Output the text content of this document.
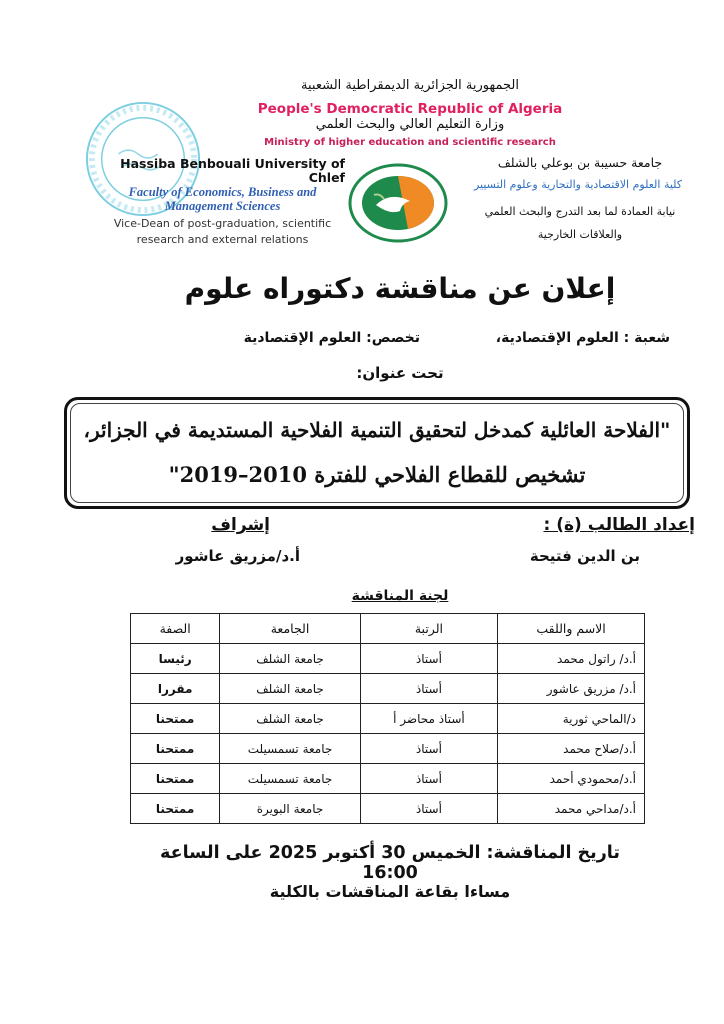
الجمهورية الجزائرية الديمقراطية الشعبية
People's Democratic Republic of Algeria
وزارة التعليم العالي والبحث العلمي
Ministry of higher education and scientific research
Hassiba Benbouali University of Chlef
Faculty of Economics, Business and Management Sciences
Vice-Dean of post-graduation, scientific research and external relations
جامعة حسيبة بن بوعلي بالشلف
كلية العلوم الاقتصادية والتجارية وعلوم التسيير
نيابة العمادة لما بعد التدرج والبحث العلمي
والعلاقات الخارجية
إعلان عن مناقشة دكتوراه علوم
شعبة : العلوم الإقتصادية،
تخصص: العلوم الإقتصادية
تحت عنوان:
"الفلاحة العائلية كمدخل لتحقيق التنمية الفلاحية المستديمة في الجزائر،
تشخيص للقطاع الفلاحي للفترة 2010–2019"
إعداد الطالب (ة) :
إشراف
بن الدين فتيحة
أ.د/مزريق عاشور
لجنة المناقشة
الاسم واللقب	الرتبة	الجامعة	الصفة
أ.د/ راتول محمد	أستاذ	جامعة الشلف	رئيسا
أ.د/ مزريق عاشور	أستاذ	جامعة الشلف	مقررا
د/الماحي ثورية	أستاذ محاضر أ	جامعة الشلف	ممتحنا
أ.د/صلاح محمد	أستاذ	جامعة تسمسيلت	ممتحنا
أ.د/محمودي أحمد	أستاذ	جامعة تسمسيلت	ممتحنا
أ.د/مداحي محمد	أستاذ	جامعة البويرة	ممتحنا
تاريخ المناقشة: الخميس 30 أكتوبر 2025 على الساعة 16:00
مساءا بقاعة المناقشات بالكلية
